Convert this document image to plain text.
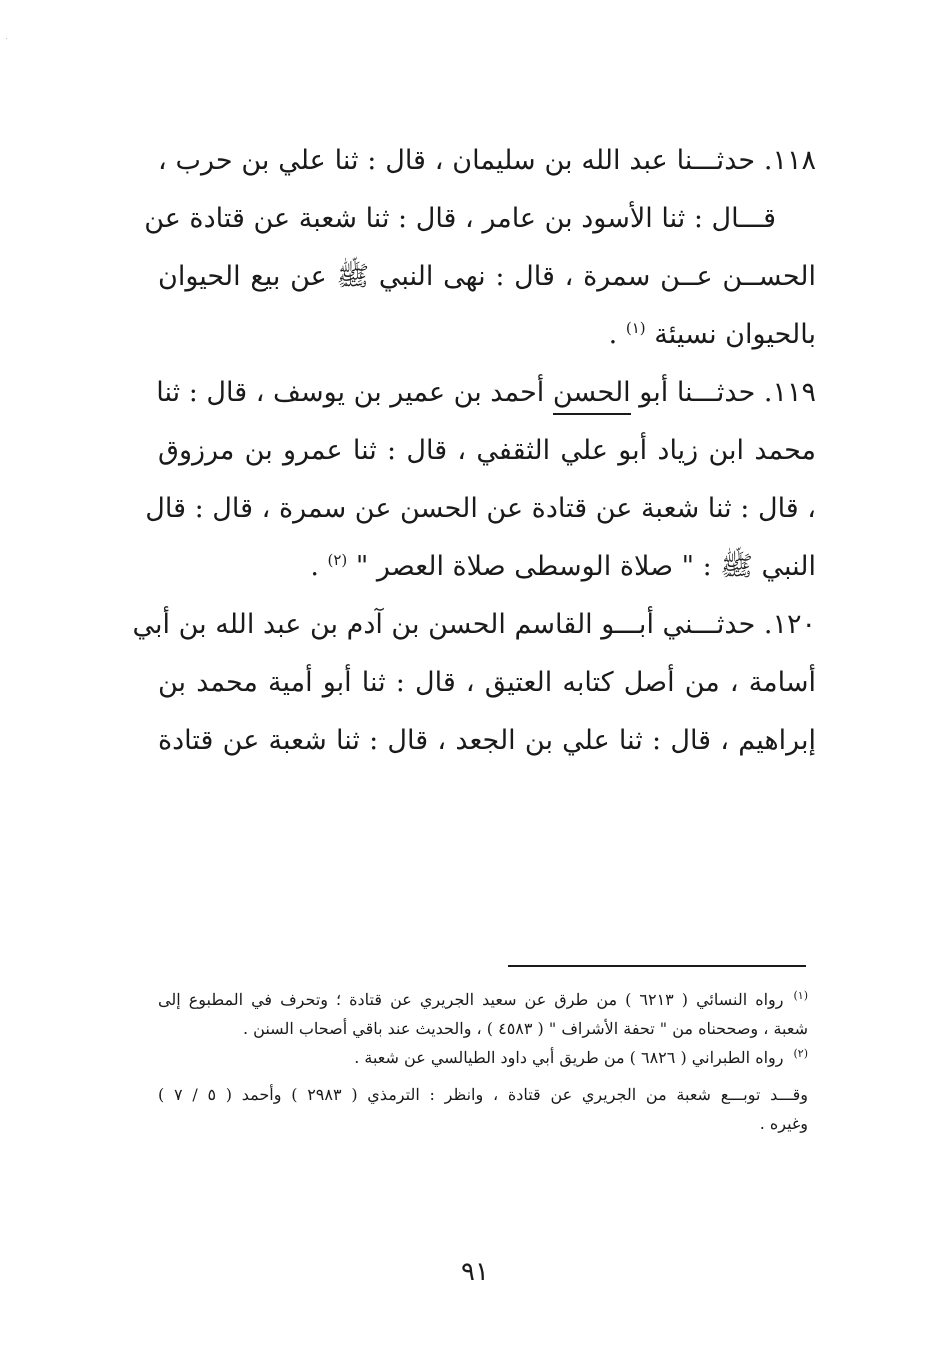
١١٨. حدثـــنا عبد الله بن سليمان ، قال : ثنا علي بن حرب ،
قـــال : ثنا الأسود بن عامر ، قال : ثنا شعبة عن قتادة عن
الحســن عــن سمرة ، قال : نهى النبي ﷺ عن بيع الحيوان
بالحيوان نسيئة $^{(١)}$ .
١١٩. حدثـــنا أبو الحسن أحمد بن عمير بن يوسف ، قال : ثنا
محمد ابن زياد أبو علي الثقفي ، قال : ثنا عمرو بن مرزوق
، قال : ثنا شعبة عن قتادة عن الحسن عن سمرة ، قال : قال
النبي ﷺ : " صلاة الوسطى صلاة العصر " $^{(٢)}$ .
١٢٠. حدثـــني أبـــو القاسم الحسن بن آدم بن عبد الله بن أبي
أسامة ، من أصل كتابه العتيق ، قال : ثنا أبو أمية محمد بن
إبراهيم ، قال : ثنا علي بن الجعد ، قال : ثنا شعبة عن قتادة
$^{(١)}$رواه النسائي ( ٦٢١٣ ) من طرق عن سعيد الجريري عن قتادة ؛ وتحرف في المطبوع إلى
شعبة ، وصححناه من " تحفة الأشراف " ( ٤٥٨٣ ) ، والحديث عند باقي أصحاب السنن .
$^{(٢)}$رواه الطبراني ( ٦٨٢٦ ) من طريق أبي داود الطيالسي عن شعبة .
وقـــد توبـــع شعبة من الجريري عن قتادة ، وانظر : الترمذي ( ٢٩٨٣ ) وأحمد ( ٥ / ٧ )
وغيره .
٩١
